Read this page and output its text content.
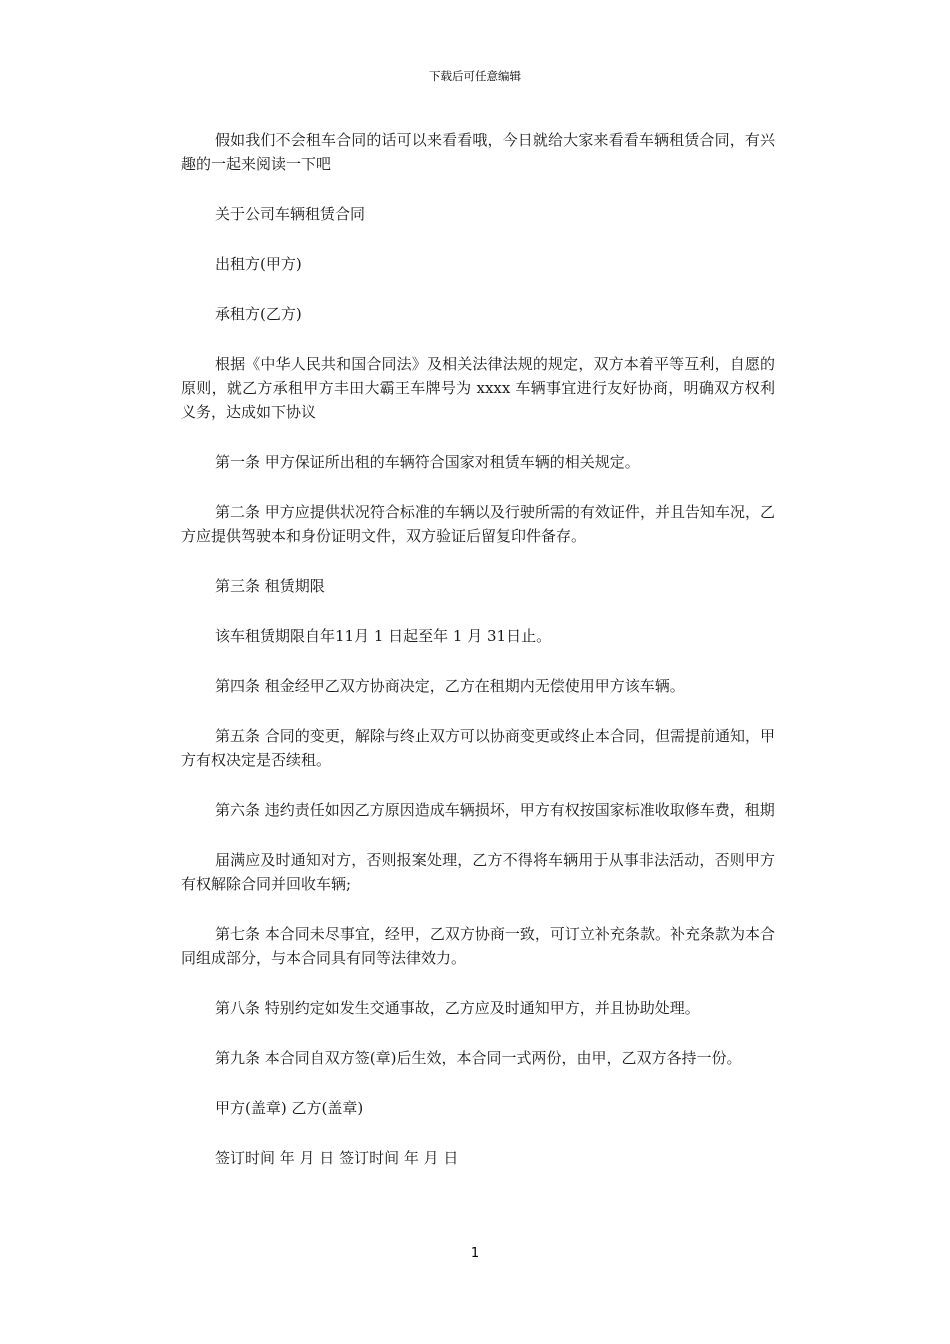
下载后可任意编辑

假如我们不会租车合同的话可以来看看哦，今日就给大家来看看车辆租赁合同，有兴趣的一起来阅读一下吧

关于公司车辆租赁合同

出租方(甲方)

承租方(乙方)

根据《中华人民共和国合同法》及相关法律法规的规定，双方本着平等互利，自愿的原则，就乙方承租甲方丰田大霸王车牌号为 xxxx 车辆事宜进行友好协商，明确双方权利义务，达成如下协议

第一条 甲方保证所出租的车辆符合国家对租赁车辆的相关规定。

第二条 甲方应提供状况符合标准的车辆以及行驶所需的有效证件，并且告知车况，乙方应提供驾驶本和身份证明文件，双方验证后留复印件备存。

第三条 租赁期限

该车租赁期限自年11月 1 日起至年 1 月 31日止。

第四条 租金经甲乙双方协商决定，乙方在租期内无偿使用甲方该车辆。

第五条 合同的变更，解除与终止双方可以协商变更或终止本合同，但需提前通知，甲方有权决定是否续租。

第六条 违约责任如因乙方原因造成车辆损坏，甲方有权按国家标准收取修车费，租期

届满应及时通知对方，否则报案处理，乙方不得将车辆用于从事非法活动，否则甲方有权解除合同并回收车辆;

第七条 本合同未尽事宜，经甲，乙双方协商一致，可订立补充条款。补充条款为本合同组成部分，与本合同具有同等法律效力。

第八条 特别约定如发生交通事故，乙方应及时通知甲方，并且协助处理。

第九条 本合同自双方签(章)后生效，本合同一式两份，由甲，乙双方各持一份。

甲方(盖章) 乙方(盖章)

签订时间 年 月 日 签订时间 年 月 日

1
